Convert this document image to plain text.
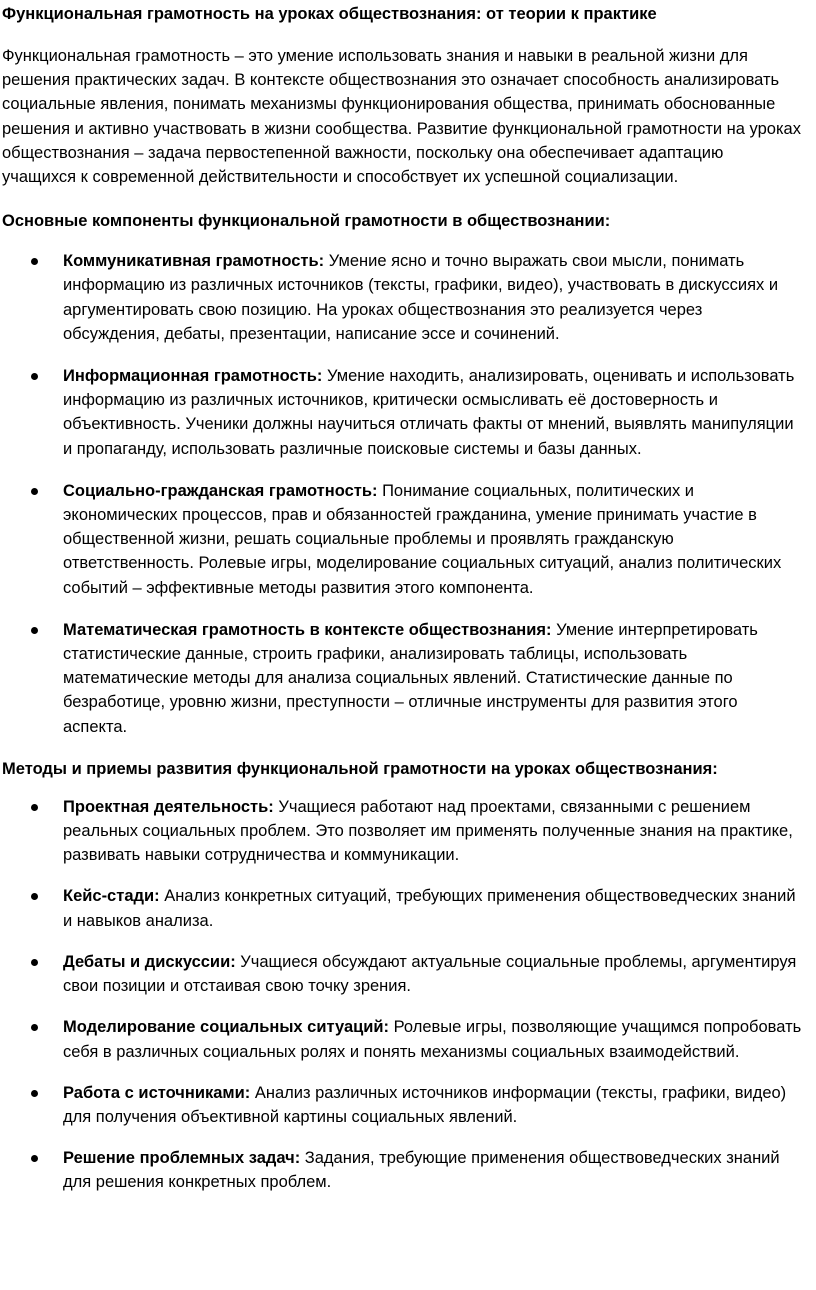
Функциональная грамотность на уроках обществознания: от теории к практике

Функциональная грамотность – это умение использовать знания и навыки в реальной жизни для решения практических задач. В контексте обществознания это означает способность анализировать социальные явления, понимать механизмы функционирования общества, принимать обоснованные решения и активно участвовать в жизни сообщества. Развитие функциональной грамотности на уроках обществознания – задача первостепенной важности, поскольку она обеспечивает адаптацию учащихся к современной действительности и способствует их успешной социализации.

Основные компоненты функциональной грамотности в обществознании:
Коммуникативная грамотность: Умение ясно и точно выражать свои мысли, понимать информацию из различных источников (тексты, графики, видео), участвовать в дискуссиях и аргументировать свою позицию. На уроках обществознания это реализуется через обсуждения, дебаты, презентации, написание эссе и сочинений.
Информационная грамотность: Умение находить, анализировать, оценивать и использовать информацию из различных источников, критически осмысливать её достоверность и объективность. Ученики должны научиться отличать факты от мнений, выявлять манипуляции и пропаганду, использовать различные поисковые системы и базы данных.
Социально-гражданская грамотность: Понимание социальных, политических и экономических процессов, прав и обязанностей гражданина, умение принимать участие в общественной жизни, решать социальные проблемы и проявлять гражданскую ответственность. Ролевые игры, моделирование социальных ситуаций, анализ политических событий – эффективные методы развития этого компонента.
Математическая грамотность в контексте обществознания: Умение интерпретировать статистические данные, строить графики, анализировать таблицы, использовать математические методы для анализа социальных явлений. Статистические данные по безработице, уровню жизни, преступности – отличные инструменты для развития этого аспекта.
Методы и приемы развития функциональной грамотности на уроках обществознания:
Проектная деятельность: Учащиеся работают над проектами, связанными с решением реальных социальных проблем. Это позволяет им применять полученные знания на практике, развивать навыки сотрудничества и коммуникации.
Кейс-стади: Анализ конкретных ситуаций, требующих применения обществоведческих знаний и навыков анализа.
Дебаты и дискуссии: Учащиеся обсуждают актуальные социальные проблемы, аргументируя свои позиции и отстаивая свою точку зрения.
Моделирование социальных ситуаций: Ролевые игры, позволяющие учащимся попробовать себя в различных социальных ролях и понять механизмы социальных взаимодействий.
Работа с источниками: Анализ различных источников информации (тексты, графики, видео) для получения объективной картины социальных явлений.
Решение проблемных задач: Задания, требующие применения обществоведческих знаний для решения конкретных проблем.
